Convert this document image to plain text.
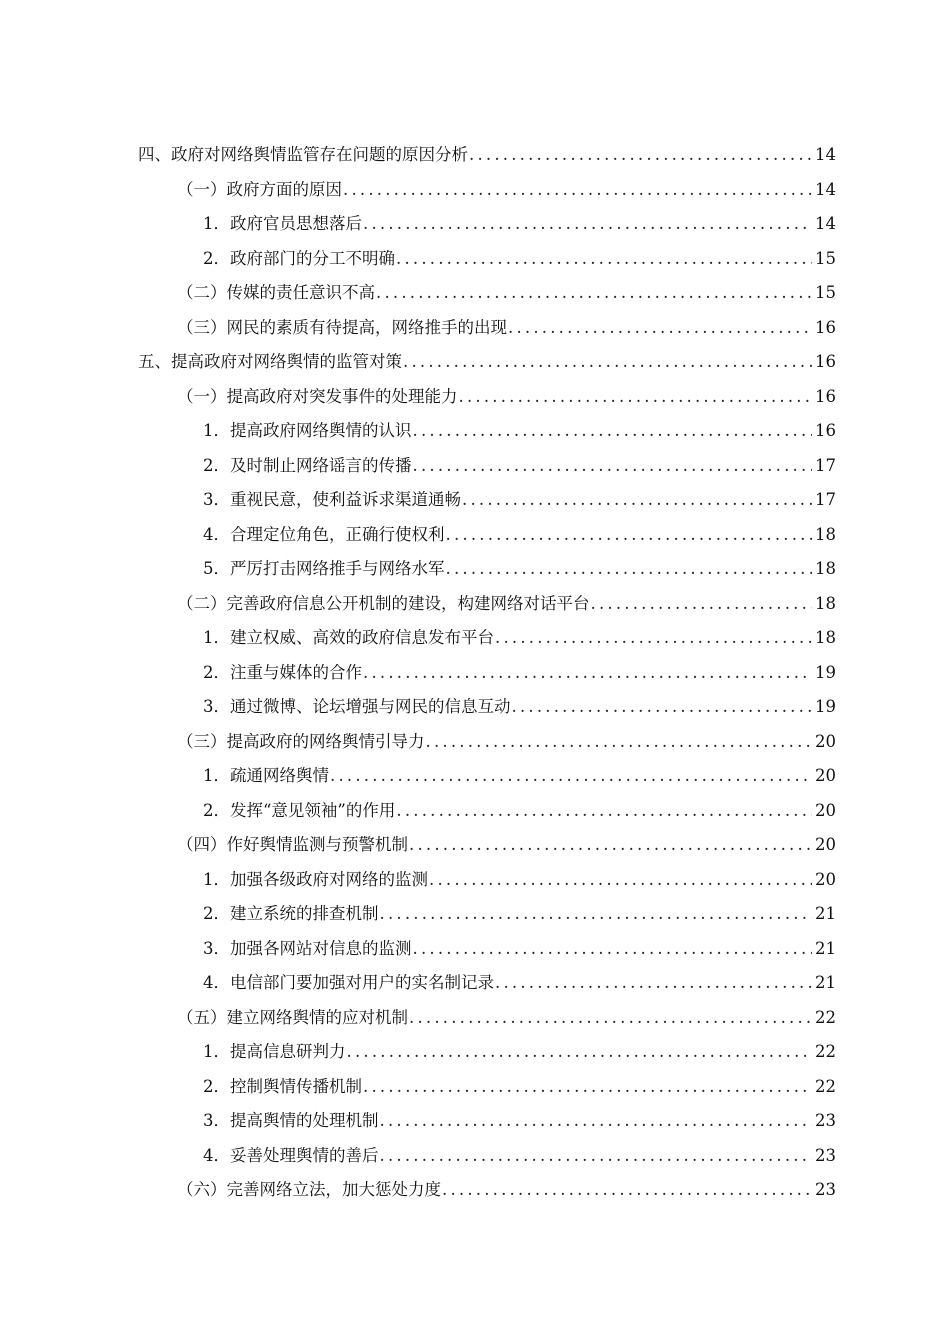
四、政府对网络舆情监管存在问题的原因分析 .....	14
（一）政府方面的原因 .....	14
1．政府官员思想落后 .....	14
2．政府部门的分工不明确 .....	15
（二）传媒的责任意识不高 .....	15
（三）网民的素质有待提高，网络推手的出现 .....	16
五、提高政府对网络舆情的监管对策 .....	16
（一）提高政府对突发事件的处理能力 .....	16
1．提高政府网络舆情的认识 .....	16
2．及时制止网络谣言的传播 .....	17
3．重视民意，使利益诉求渠道通畅 .....	17
4．合理定位角色，正确行使权利 .....	18
5．严厉打击网络推手与网络水军 .....	18
（二）完善政府信息公开机制的建设，构建网络对话平台 .....	18
1．建立权威、高效的政府信息发布平台 .....	18
2．注重与媒体的合作 .....	19
3．通过微博、论坛增强与网民的信息互动 .....	19
（三）提高政府的网络舆情引导力 .....	20
1．疏通网络舆情 .....	20
2．发挥“意见领袖”的作用 .....	20
（四）作好舆情监测与预警机制 .....	20
1．加强各级政府对网络的监测 .....	20
2．建立系统的排查机制 .....	21
3．加强各网站对信息的监测 .....	21
4．电信部门要加强对用户的实名制记录 .....	21
（五）建立网络舆情的应对机制 .....	22
1．提高信息研判力 .....	22
2．控制舆情传播机制 .....	22
3．提高舆情的处理机制 .....	23
4．妥善处理舆情的善后 .....	23
（六）完善网络立法，加大惩处力度 .....	23
